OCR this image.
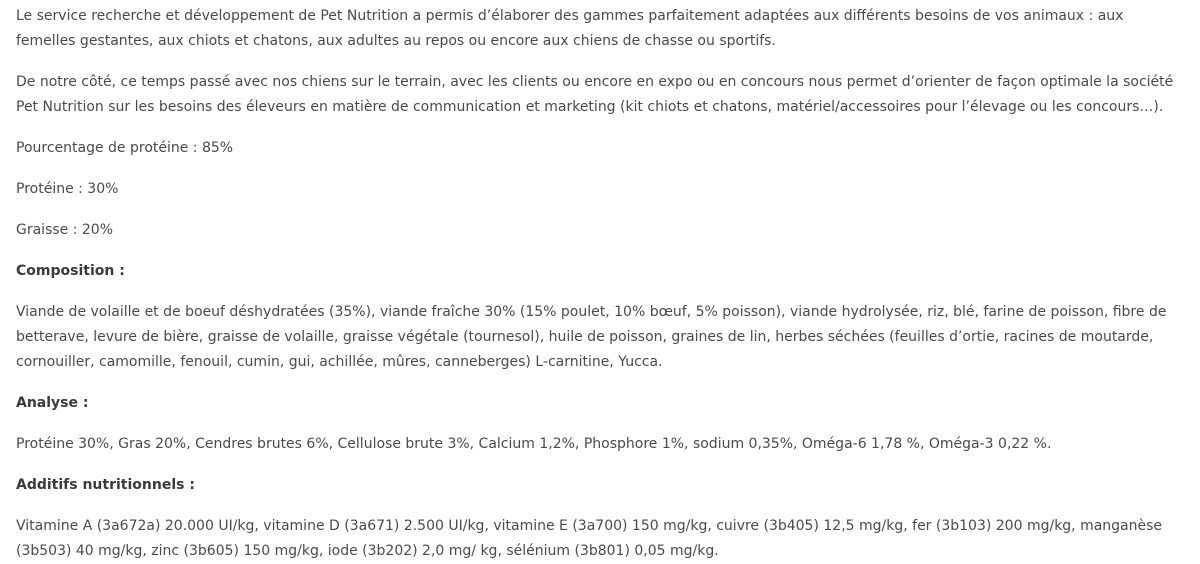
Le service recherche et développement de Pet Nutrition a permis d’élaborer des gammes parfaitement adaptées aux différents besoins de vos animaux : aux femelles gestantes, aux chiots et chatons, aux adultes au repos ou encore aux chiens de chasse ou sportifs.

De notre côté, ce temps passé avec nos chiens sur le terrain, avec les clients ou encore en expo ou en concours nous permet d’orienter de façon optimale la société Pet Nutrition sur les besoins des éleveurs en matière de communication et marketing (kit chiots et chatons, matériel/accessoires pour l’élevage ou les concours…).

Pourcentage de protéine : 85%

Protéine : 30%

Graisse : 20%

Composition :

Viande de volaille et de boeuf déshydratées (35%), viande fraîche 30% (15% poulet, 10% bœuf, 5% poisson), viande hydrolysée, riz, blé, farine de poisson, fibre de betterave, levure de bière, graisse de volaille, graisse végétale (tournesol), huile de poisson, graines de lin, herbes séchées (feuilles d’ortie, racines de moutarde, cornouiller, camomille, fenouil, cumin, gui, achillée, mûres, canneberges) L-carnitine, Yucca.

Analyse :

Protéine 30%, Gras 20%, Cendres brutes 6%, Cellulose brute 3%, Calcium 1,2%, Phosphore 1%, sodium 0,35%, Oméga-6 1,78 %, Oméga-3 0,22 %.

Additifs nutritionnels :

Vitamine A (3a672a) 20.000 UI/kg, vitamine D (3a671) 2.500 UI/kg, vitamine E (3a700) 150 mg/kg, cuivre (3b405) 12,5 mg/kg, fer (3b103) 200 mg/kg, manganèse (3b503) 40 mg/kg, zinc (3b605) 150 mg/kg, iode (3b202) 2,0 mg/ kg, sélénium (3b801) 0,05 mg/kg.
